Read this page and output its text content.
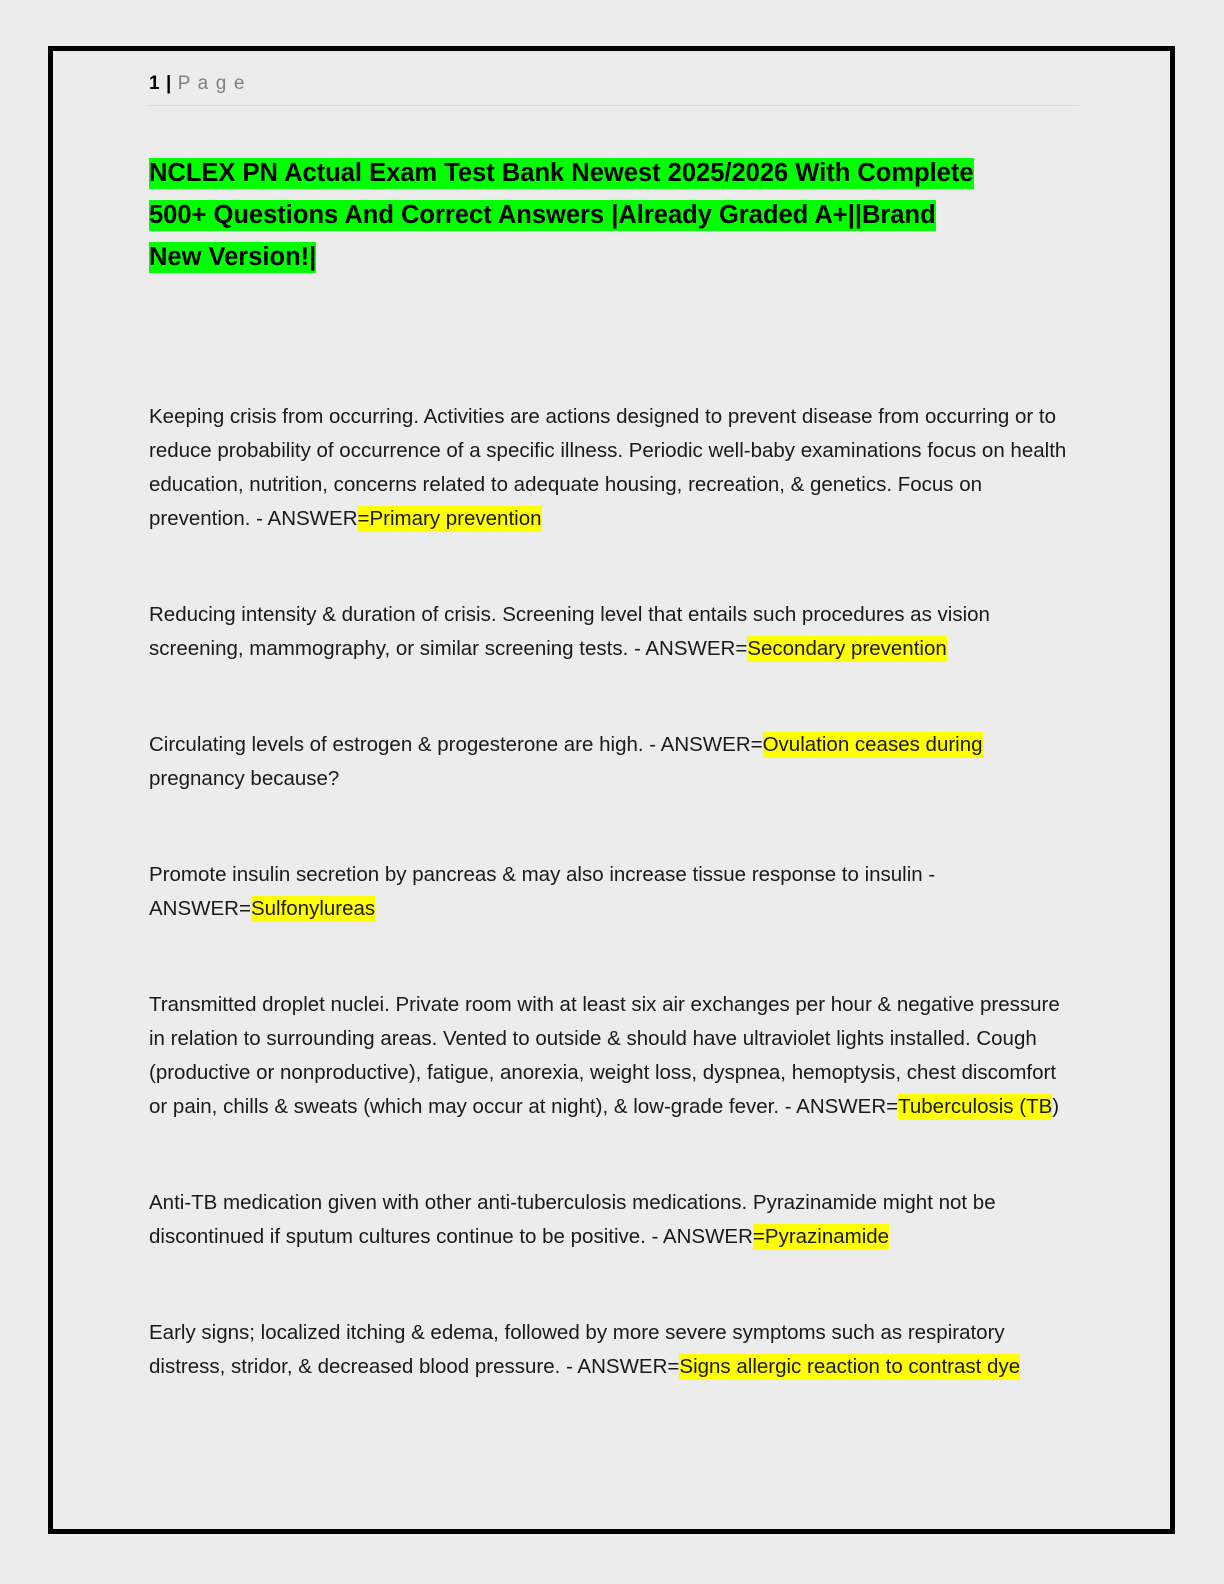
1 | P a g e
NCLEX PN Actual Exam Test Bank Newest 2025/2026 With Complete
500+ Questions And Correct Answers |Already Graded A+||Brand
New Version!|

Keeping crisis from occurring. Activities are actions designed to prevent disease from occurring or to reduce probability of occurrence of a specific illness. Periodic well-baby examinations focus on health education, nutrition, concerns related to adequate housing, recreation, & genetics. Focus on prevention. - ANSWER=Primary prevention

Reducing intensity & duration of crisis. Screening level that entails such procedures as vision screening, mammography, or similar screening tests. - ANSWER=Secondary prevention

Circulating levels of estrogen & progesterone are high. - ANSWER=Ovulation ceases during pregnancy because?

Promote insulin secretion by pancreas & may also increase tissue response to insulin - ANSWER=Sulfonylureas

Transmitted droplet nuclei. Private room with at least six air exchanges per hour & negative pressure in relation to surrounding areas. Vented to outside & should have ultraviolet lights installed. Cough (productive or nonproductive), fatigue, anorexia, weight loss, dyspnea, hemoptysis, chest discomfort or pain, chills & sweats (which may occur at night), & low-grade fever. - ANSWER=Tuberculosis (TB)

Anti-TB medication given with other anti-tuberculosis medications. Pyrazinamide might not be discontinued if sputum cultures continue to be positive. - ANSWER=Pyrazinamide

Early signs; localized itching & edema, followed by more severe symptoms such as respiratory distress, stridor, & decreased blood pressure. - ANSWER=Signs allergic reaction to contrast dye
